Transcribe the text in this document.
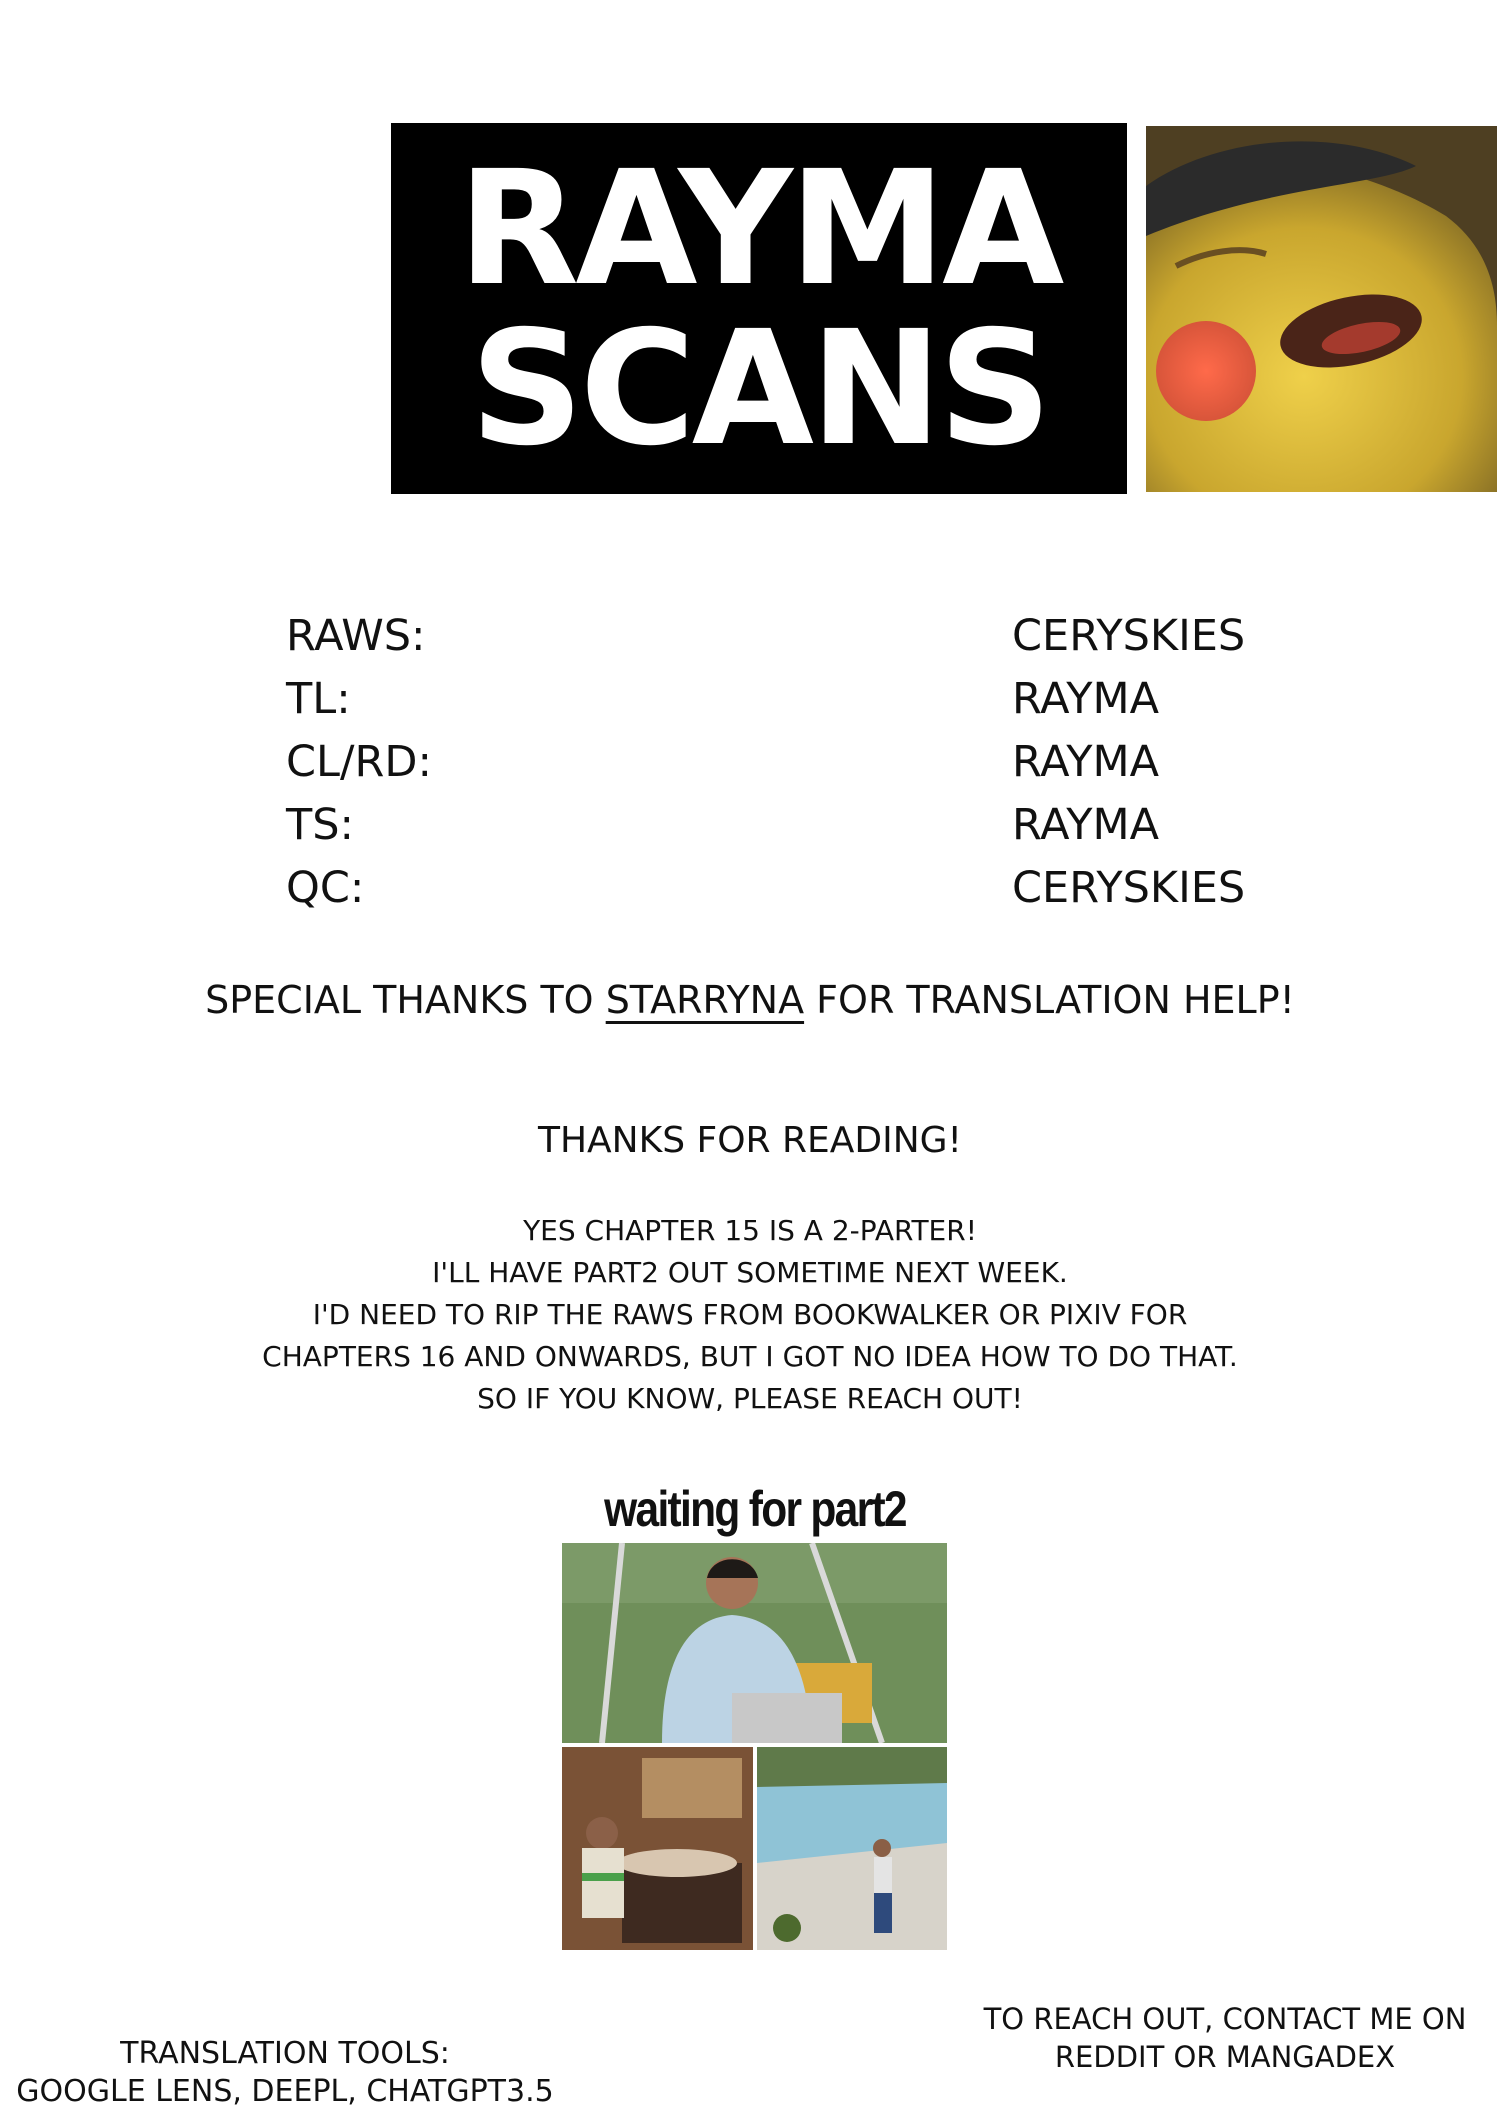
RAYMA
SCANS
RAWS:	CERYSKIES
TL:	RAYMA
CL/RD:	RAYMA
TS:	RAYMA
QC:	CERYSKIES
SPECIAL THANKS TO STARRYNA FOR TRANSLATION HELP!
THANKS FOR READING!
YES CHAPTER 15 IS A 2-PARTER!
I'LL HAVE PART2 OUT SOMETIME NEXT WEEK.
I'D NEED TO RIP THE RAWS FROM BOOKWALKER OR PIXIV FOR
CHAPTERS 16 AND ONWARDS, BUT I GOT NO IDEA HOW TO DO THAT.
SO IF YOU KNOW, PLEASE REACH OUT!
waiting for part2
TRANSLATION TOOLS:
GOOGLE LENS, DEEPL, CHATGPT3.5
TO REACH OUT, CONTACT ME ON
REDDIT OR MANGADEX
